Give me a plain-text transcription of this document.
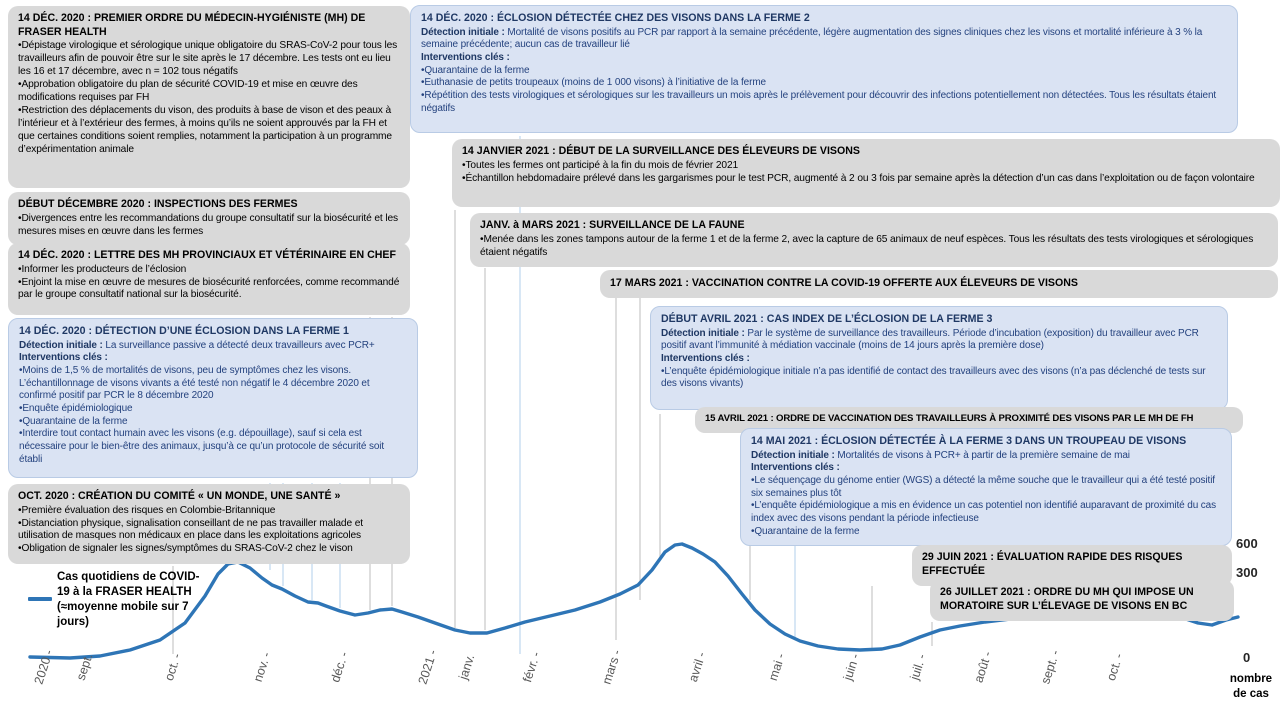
14 DÉC. 2020 : PREMIER ORDRE DU MÉDECIN-HYGIÉNISTE (MH) DE FRASER HEALTH
•Dépistage virologique et sérologique unique obligatoire du SRAS-CoV-2 pour tous les travailleurs afin de pouvoir être sur le site après le 17 décembre. Les tests ont eu lieu les 16 et 17 décembre, avec n = 102 tous négatifs
•Approbation obligatoire du plan de sécurité COVID-19 et mise en œuvre des modifications requises par FH
•Restriction des déplacements du vison, des produits à base de vison et des peaux à l’intérieur et à l’extérieur des fermes, à moins qu’ils ne soient approuvés par la FH et que certaines conditions soient remplies, notamment la participation à un programme d’expérimentation animale
DÉBUT DÉCEMBRE 2020 : INSPECTIONS DES FERMES
•Divergences entre les recommandations du groupe consultatif sur la biosécurité et les mesures mises en œuvre dans les fermes
14 DÉC. 2020 : LETTRE DES MH PROVINCIAUX ET VÉTÉRINAIRE EN CHEF
•Informer les producteurs de l’éclosion
•Enjoint la mise en œuvre de mesures de biosécurité renforcées, comme recommandé par le groupe consultatif national sur la biosécurité.
14 DÉC. 2020 : DÉTECTION D’UNE ÉCLOSION DANS LA FERME 1

Détection initiale : La surveillance passive a détecté deux travailleurs avec PCR+

Interventions clés :

•Moins de 1,5 % de mortalités de visons, peu de symptômes chez les visons. L’échantillonnage de visons vivants a été testé non négatif le 4 décembre 2020 et confirmé positif par PCR le 8 décembre 2020
•Enquête épidémiologique
•Quarantaine de la ferme
•Interdire tout contact humain avec les visons (e.g. dépouillage), sauf si cela est nécessaire pour le bien-être des animaux, jusqu’à ce qu’un protocole de sécurité soit établi
OCT. 2020 : CRÉATION DU COMITÉ « UN MONDE, UNE SANTÉ »
•Première évaluation des risques en Colombie-Britannique
•Distanciation physique, signalisation conseillant de ne pas travailler malade et utilisation de masques non médicaux en place dans les exploitations agricoles
•Obligation de signaler les signes/symptômes du SRAS-CoV-2 chez le vison
14 DÉC. 2020 : ÉCLOSION DÉTECTÉE CHEZ DES VISONS DANS LA FERME 2

Détection initiale : Mortalité de visons positifs au PCR par rapport à la semaine précédente, légère augmentation des signes cliniques chez les visons et mortalité inférieure à 3 % la semaine précédente; aucun cas de travailleur lié

Interventions clés :

•Quarantaine de la ferme
•Euthanasie de petits troupeaux (moins de 1 000 visons) à l’initiative de la ferme
•Répétition des tests virologiques et sérologiques sur les travailleurs un mois après le prélèvement pour découvrir des infections potentiellement non détectées. Tous les résultats étaient négatifs
14 JANVIER 2021 : DÉBUT DE LA SURVEILLANCE DES ÉLEVEURS DE VISONS
•Toutes les fermes ont participé à la fin du mois de février 2021
•Échantillon hebdomadaire prélevé dans les gargarismes pour le test PCR, augmenté à 2 ou 3 fois par semaine après la détection d’un cas dans l’exploitation ou de façon volontaire
JANV. à MARS 2021 : SURVEILLANCE DE LA FAUNE
•Menée dans les zones tampons autour de la ferme 1 et de la ferme 2, avec la capture de 65 animaux de neuf espèces. Tous les résultats des tests virologiques et sérologiques étaient négatifs
17 MARS 2021 : VACCINATION CONTRE LA COVID-19 OFFERTE AUX ÉLEVEURS DE VISONS
DÉBUT AVRIL 2021 : CAS INDEX DE L’ÉCLOSION DE LA FERME 3

Détection initiale : Par le système de surveillance des travailleurs. Période d’incubation (exposition) du travailleur avec PCR positif avant l’immunité à médiation vaccinale (moins de 14 jours après la première dose)

Interventions clés :

•L’enquête épidémiologique initiale n’a pas identifié de contact des travailleurs avec des visons (n’a pas déclenché de tests sur des visons vivants)
15 AVRIL 2021 : ORDRE DE VACCINATION DES TRAVAILLEURS À PROXIMITÉ DES VISONS PAR LE MH DE FH
14 MAI 2021 : ÉCLOSION DÉTECTÉE À LA FERME 3 DANS UN TROUPEAU DE VISONS

Détection initiale : Mortalités de visons à PCR+ à partir de la première semaine de mai

Interventions clés :

•Le séquençage du génome entier (WGS) a détecté la même souche que le travailleur qui a été testé positif six semaines plus tôt
•L’enquête épidémiologique a mis en évidence un cas potentiel non identifié auparavant de proximité du cas index avec des visons pendant la période infectieuse
•Quarantaine de la ferme
29 JUIN 2021 : ÉVALUATION RAPIDE DES RISQUES EFFECTUÉE
26 JUILLET 2021 : ORDRE DU MH QUI IMPOSE UN MORATOIRE SUR L’ÉLEVAGE DE VISONS EN BC
Cas quotidiens de COVID-19 à la FRASER HEALTH (≈moyenne mobile sur 7 jours)
600
300
0
nombre de cas
2020 - sept.	oct. -	nov. -	déc. -	2021 - janv.	févr. -	mars -	avril -	mai -	juin -	juil. -	août -	sept. -	oct. -
